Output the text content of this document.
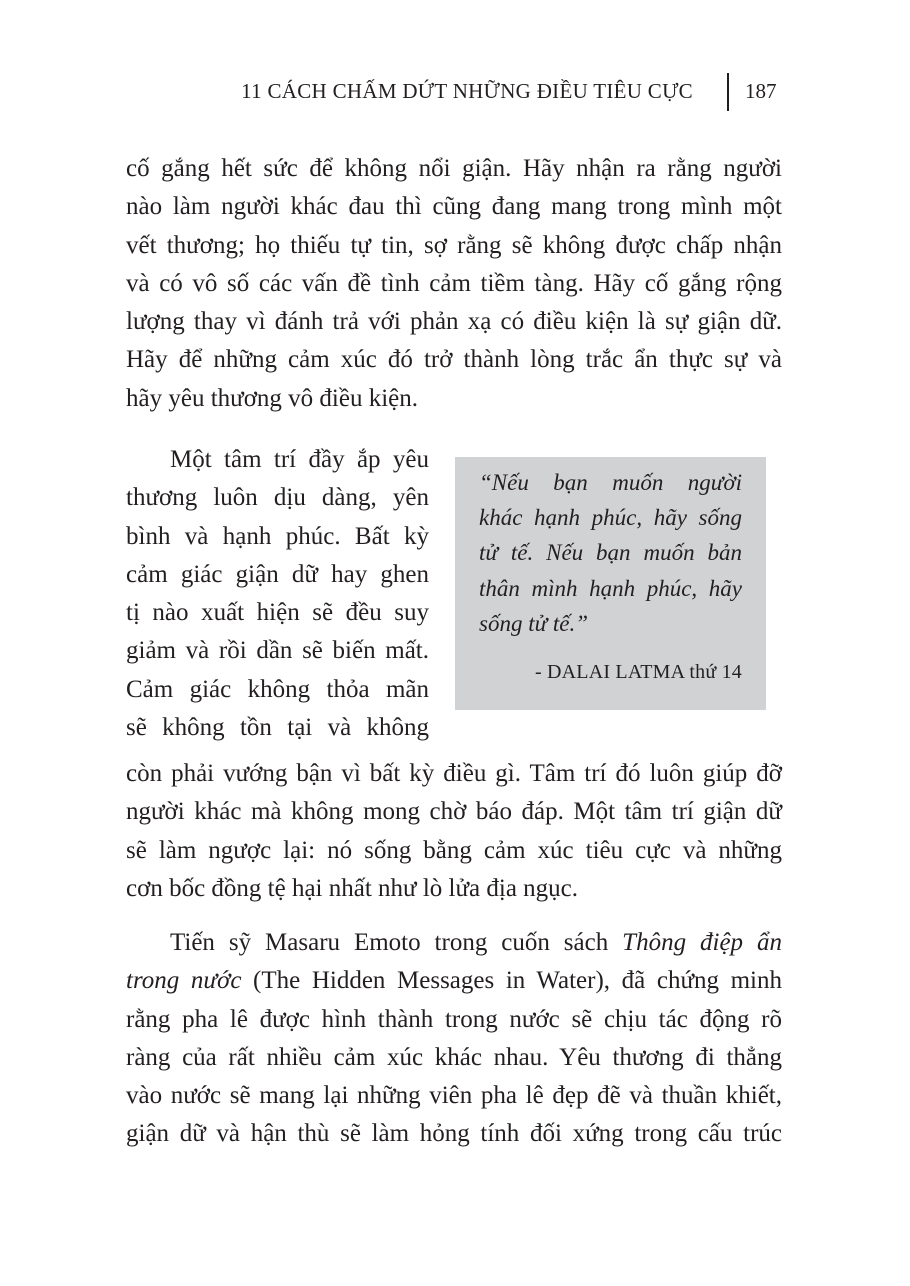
11 CÁCH CHẤM DỨT NHỮNG ĐIỀU TIÊU CỰC 187
cố gắng hết sức để không nổi giận. Hãy nhận ra rằng người
nào làm người khác đau thì cũng đang mang trong mình một
vết thương; họ thiếu tự tin, sợ rằng sẽ không được chấp nhận
và có vô số các vấn đề tình cảm tiềm tàng. Hãy cố gắng rộng
lượng thay vì đánh trả với phản xạ có điều kiện là sự giận dữ.
Hãy để những cảm xúc đó trở thành lòng trắc ẩn thực sự và
hãy yêu thương vô điều kiện.
Một tâm trí đầy ắp yêu
thương luôn dịu dàng, yên
bình và hạnh phúc. Bất kỳ
cảm giác giận dữ hay ghen
tị nào xuất hiện sẽ đều suy
giảm và rồi dần sẽ biến mất.
Cảm giác không thỏa mãn
sẽ không tồn tại và không
“Nếu bạn muốn người
khác hạnh phúc, hãy sống
tử tế. Nếu bạn muốn bản
thân mình hạnh phúc, hãy
sống tử tế.”
- DALAI LATMA thứ 14
còn phải vướng bận vì bất kỳ điều gì. Tâm trí đó luôn giúp đỡ
người khác mà không mong chờ báo đáp. Một tâm trí giận dữ
sẽ làm ngược lại: nó sống bằng cảm xúc tiêu cực và những
cơn bốc đồng tệ hại nhất như lò lửa địa ngục.
Tiến sỹ Masaru Emoto trong cuốn sách Thông điệp ẩn
trong nước (The Hidden Messages in Water), đã chứng minh
rằng pha lê được hình thành trong nước sẽ chịu tác động rõ
ràng của rất nhiều cảm xúc khác nhau. Yêu thương đi thẳng
vào nước sẽ mang lại những viên pha lê đẹp đẽ và thuần khiết,
giận dữ và hận thù sẽ làm hỏng tính đối xứng trong cấu trúc
